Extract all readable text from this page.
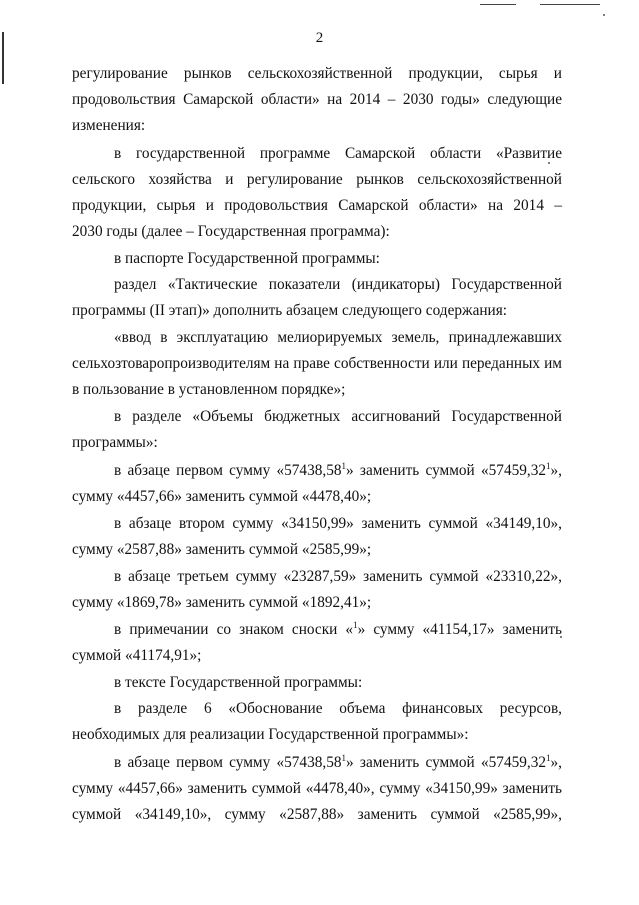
2
регулирование рынков сельскохозяйственной продукции, сырья и
продовольствия Самарской области» на 2014 – 2030 годы» следующие
изменения:
в государственной программе Самарской области «Развитие
сельского хозяйства и регулирование рынков сельскохозяйственной
продукции, сырья и продовольствия Самарской области» на 2014 –
2030 годы (далее – Государственная программа):
в паспорте Государственной программы:
раздел «Тактические показатели (индикаторы) Государственной
программы (II этап)» дополнить абзацем следующего содержания:
«ввод в эксплуатацию мелиорируемых земель, принадлежавших
сельхозтоваропроизводителям на праве собственности или переданных им
в пользование в установленном порядке»;
в разделе «Объемы бюджетных ассигнований Государственной
программы»:
в абзаце первом сумму «57438,58$^1$» заменить суммой «57459,32$^1$»,
сумму «4457,66» заменить суммой «4478,40»;
в абзаце втором сумму «34150,99» заменить суммой «34149,10»,
сумму «2587,88» заменить суммой «2585,99»;
в абзаце третьем сумму «23287,59» заменить суммой «23310,22»,
сумму «1869,78» заменить суммой «1892,41»;
в примечании со знаком сноски «$^1$» сумму «41154,17» заменить
суммой «41174,91»;
в тексте Государственной программы:
в разделе 6 «Обоснование объема финансовых ресурсов,
необходимых для реализации Государственной программы»:
в абзаце первом сумму «57438,58$^1$» заменить суммой «57459,32$^1$»,
сумму «4457,66» заменить суммой «4478,40», сумму «34150,99» заменить
суммой «34149,10», сумму «2587,88» заменить суммой «2585,99»,
